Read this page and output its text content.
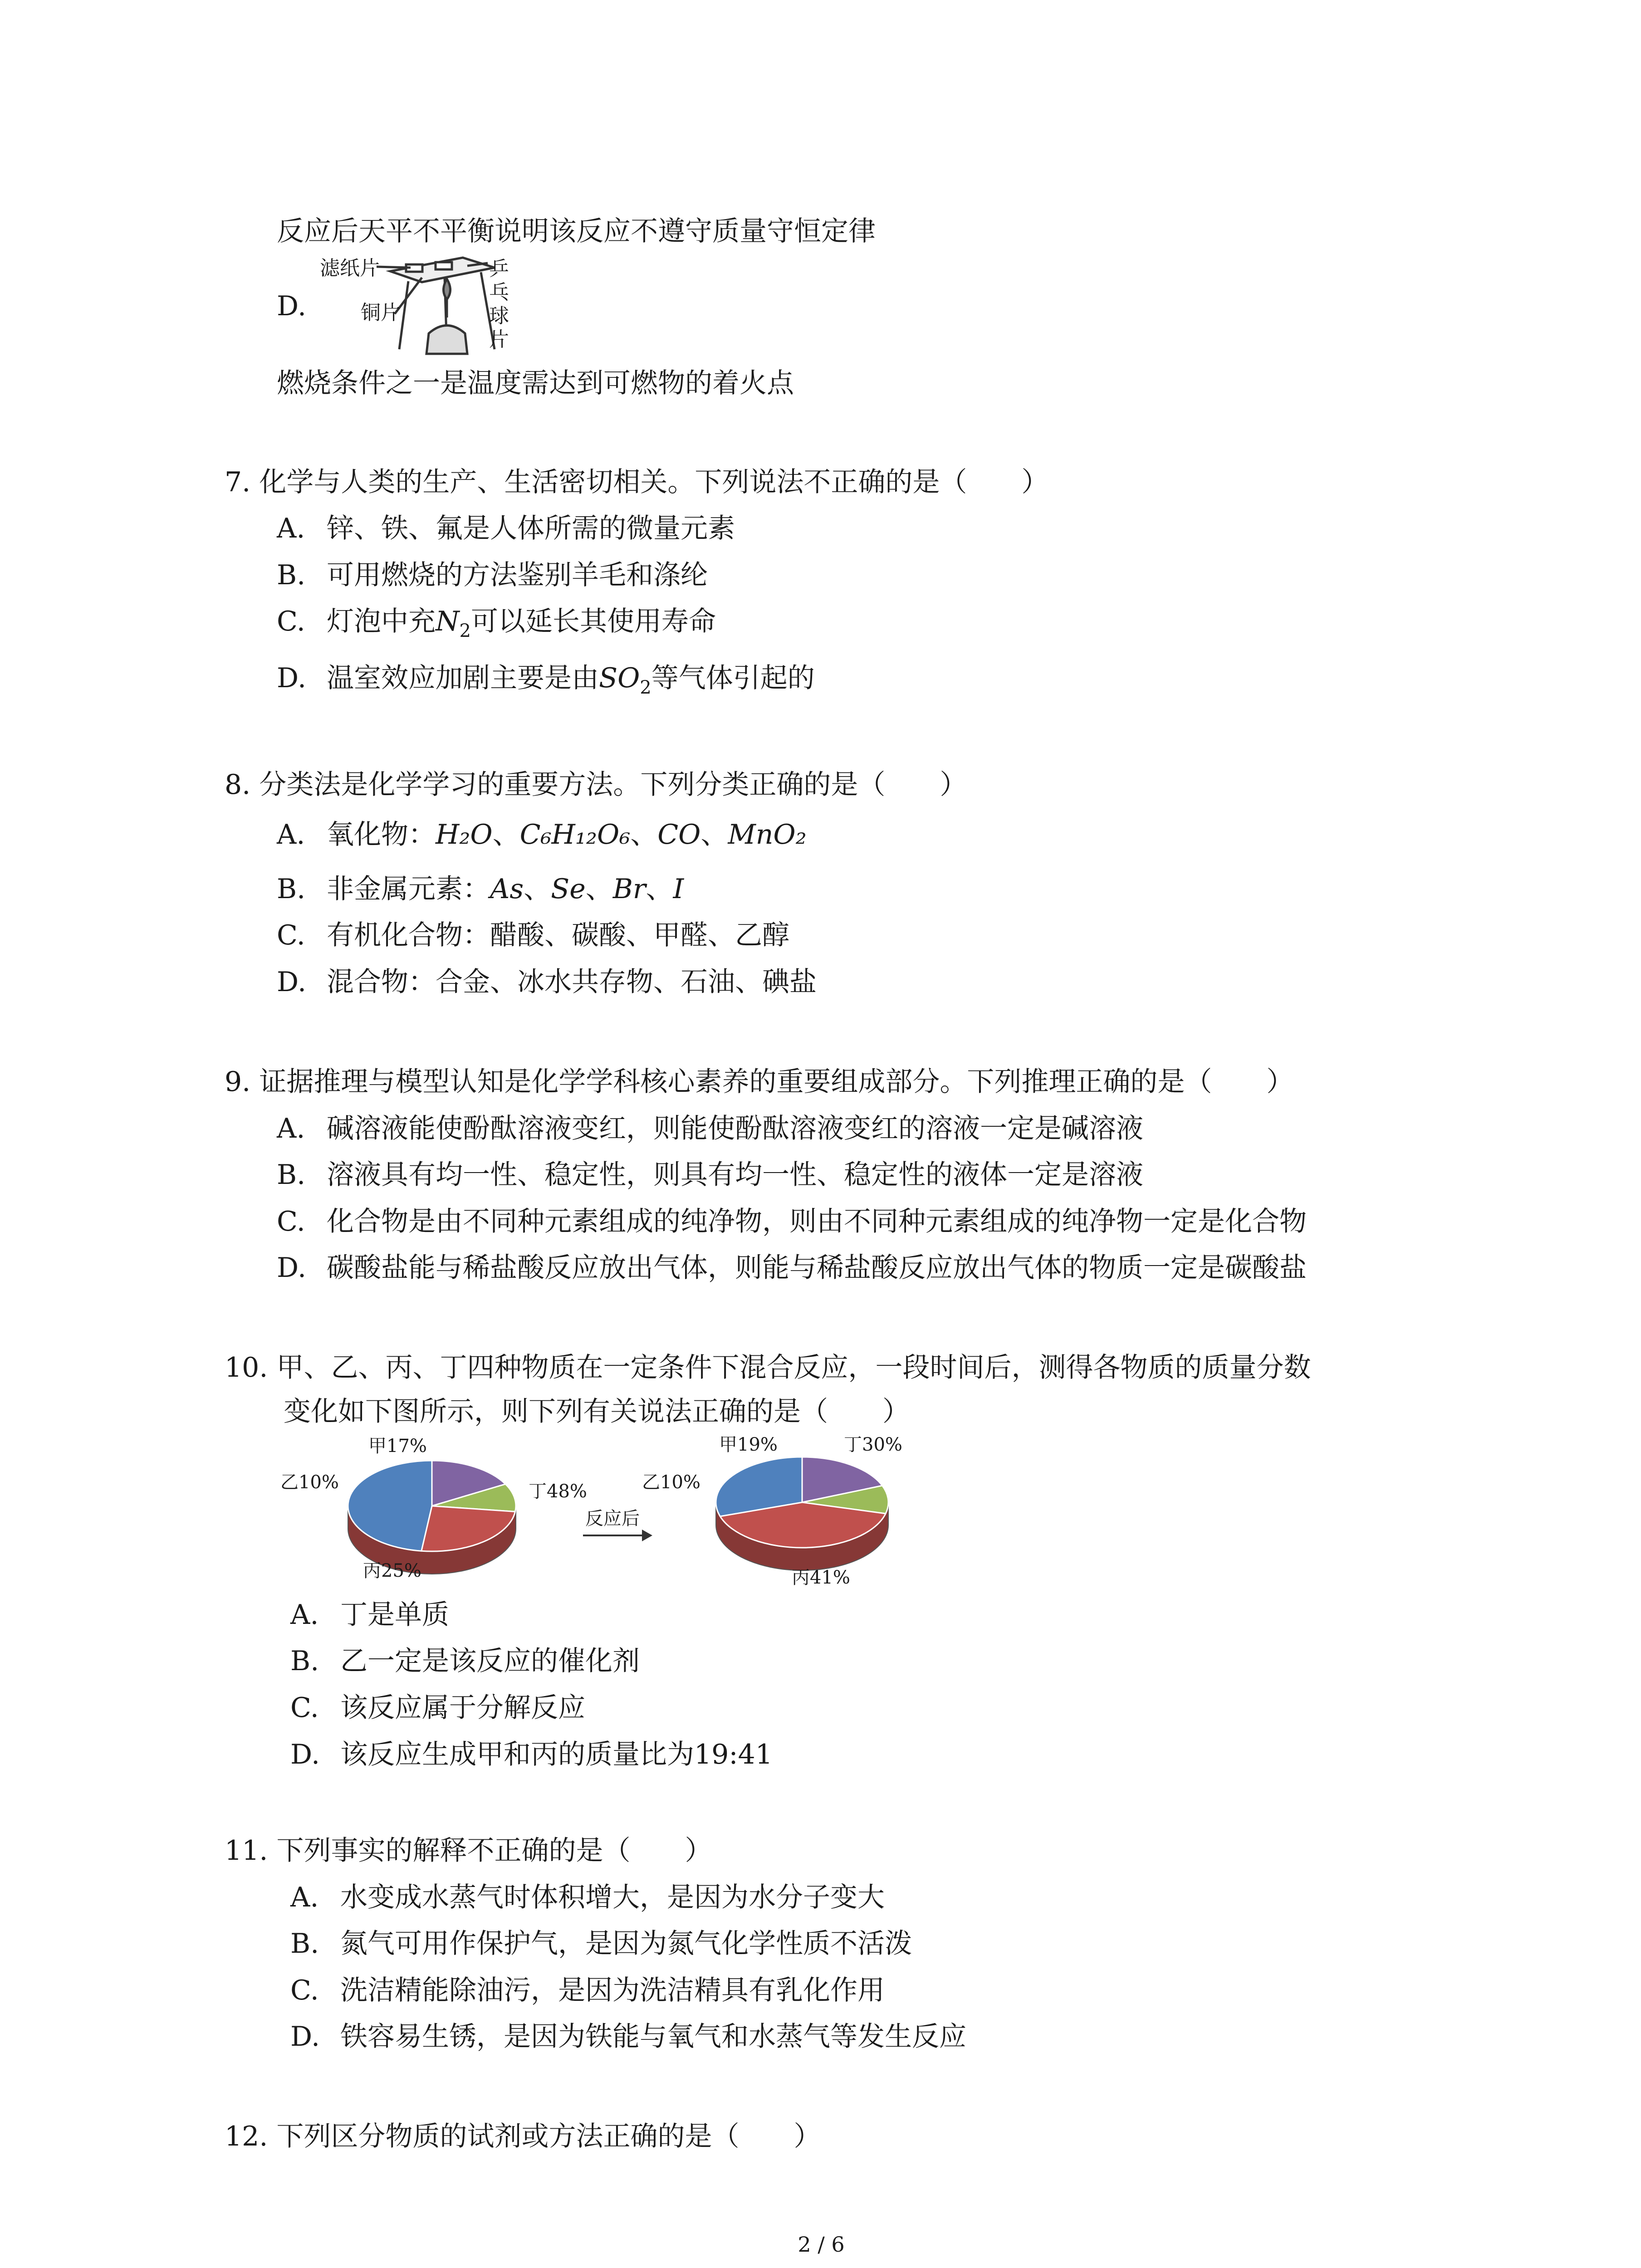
反应后天平不平衡说明该反应不遵守质量守恒定律
D.
滤纸片	乒乓球片
铜片
燃烧条件之一是温度需达到可燃物的着火点
7. 化学与人类的生产、生活密切相关。下列说法不正确的是（　　）
A. 锌、铁、氟是人体所需的微量元素
B. 可用燃烧的方法鉴别羊毛和涤纶
C. 灯泡中充$N_2$可以延长其使用寿命
D. 温室效应加剧主要是由$SO_2$等气体引起的
8. 分类法是化学学习的重要方法。下列分类正确的是（　　）
A. 氧化物：H₂O、C₆H₁₂O₆、CO、MnO₂
B. 非金属元素：As、Se、Br、I
C. 有机化合物：醋酸、碳酸、甲醛、乙醇
D. 混合物：合金、冰水共存物、石油、碘盐
9. 证据推理与模型认知是化学学科核心素养的重要组成部分。下列推理正确的是（　　）
A. 碱溶液能使酚酞溶液变红，则能使酚酞溶液变红的溶液一定是碱溶液
B. 溶液具有均一性、稳定性，则具有均一性、稳定性的液体一定是溶液
C. 化合物是由不同种元素组成的纯净物，则由不同种元素组成的纯净物一定是化合物
D. 碳酸盐能与稀盐酸反应放出气体，则能与稀盐酸反应放出气体的物质一定是碳酸盐
10. 甲、乙、丙、丁四种物质在一定条件下混合反应，一段时间后，测得各物质的质量分数
变化如下图所示，则下列有关说法正确的是（　　）
甲17%
乙10%
丙25%
丁48%
反应后
甲19%
乙10%
丙41%
丁30%
A. 丁是单质
B. 乙一定是该反应的催化剂
C. 该反应属于分解反应
D. 该反应生成甲和丙的质量比为19:41
11. 下列事实的解释不正确的是（　　）
A. 水变成水蒸气时体积增大，是因为水分子变大
B. 氮气可用作保护气，是因为氮气化学性质不活泼
C. 洗洁精能除油污，是因为洗洁精具有乳化作用
D. 铁容易生锈，是因为铁能与氧气和水蒸气等发生反应
12. 下列区分物质的试剂或方法正确的是（　　）
2 / 6
